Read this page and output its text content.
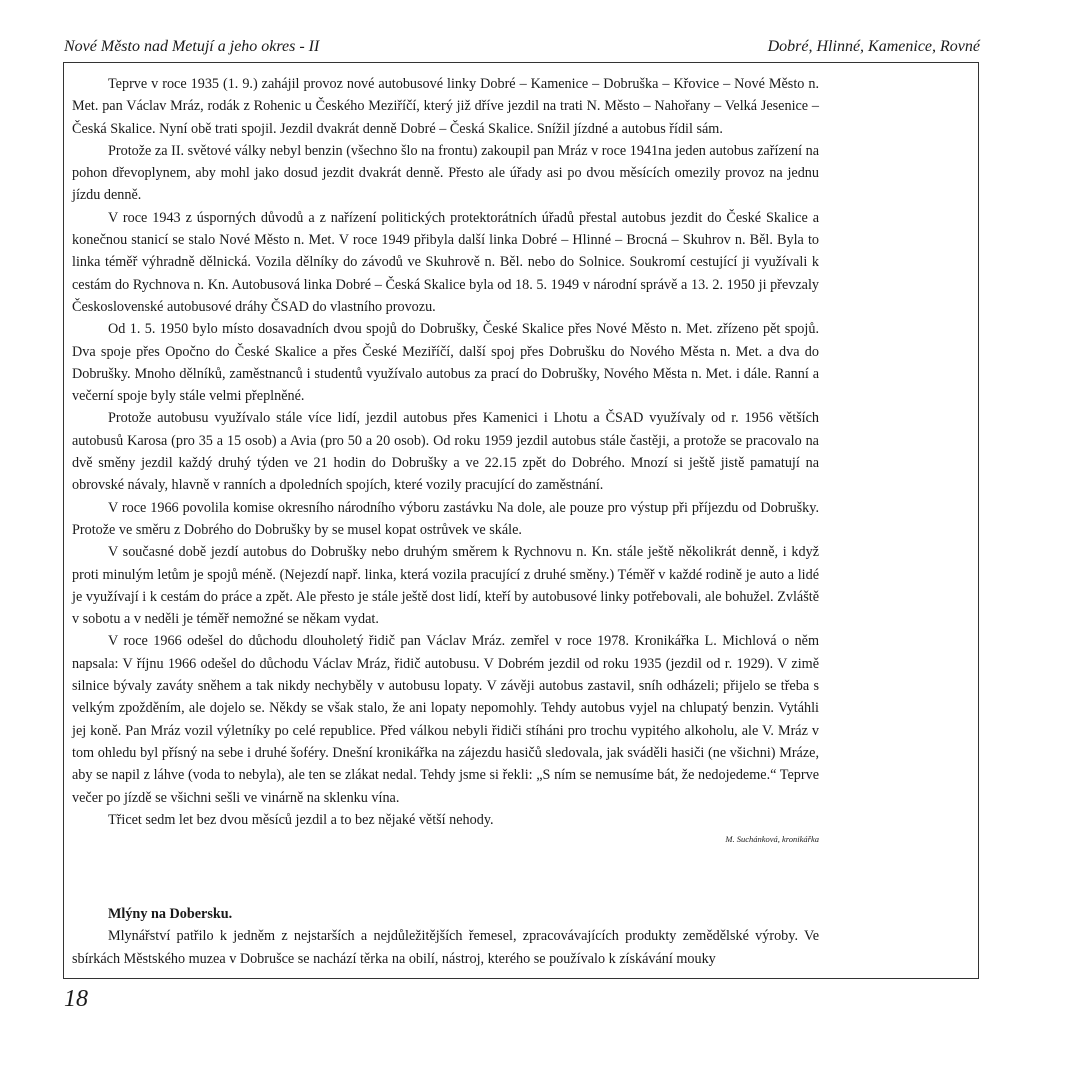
Nové Město nad Metují a jeho okres - II	Dobré, Hlinné, Kamenice, Rovné

Teprve v roce 1935 (1. 9.) zahájil provoz nové autobusové linky Dobré – Kamenice – Dobruška – Křovice – Nové Město n. Met. pan Václav Mráz, rodák z Rohenic u Českého Meziříčí, který již dříve jezdil na trati N. Město – Nahořany – Velká Jesenice – Česká Skalice. Nyní obě trati spojil. Jezdil dvakrát denně Dobré – Česká Skalice. Snížil jízdné a autobus řídil sám.

Protože za II. světové války nebyl benzin (všechno šlo na frontu) zakoupil pan Mráz v roce 1941na jeden autobus zařízení na pohon dřevoplynem, aby mohl jako dosud jezdit dvakrát denně. Přesto ale úřady asi po dvou měsících omezily provoz na jednu jízdu denně.

V roce 1943 z úsporných důvodů a z nařízení politických protektorátních úřadů přestal autobus jezdit do České Skalice a konečnou stanicí se stalo Nové Město n. Met. V roce 1949 přibyla další linka Dobré – Hlinné – Brocná – Skuhrov n. Běl. Byla to linka téměř výhradně dělnická. Vozila dělníky do závodů ve Skuhrově n. Běl. nebo do Solnice. Soukromí cestující ji využívali k cestám do Rychnova n. Kn. Autobusová linka Dobré – Česká Skalice byla od 18. 5. 1949 v národní správě a 13. 2. 1950 ji převzaly Československé autobusové dráhy ČSAD do vlastního provozu.

Od 1. 5. 1950 bylo místo dosavadních dvou spojů do Dobrušky, České Skalice přes Nové Město n. Met. zřízeno pět spojů. Dva spoje přes Opočno do České Skalice a přes České Meziříčí, další spoj přes Dobrušku do Nového Města n. Met. a dva do Dobrušky. Mnoho dělníků, zaměstnanců i studentů využívalo autobus za prací do Dobrušky, Nového Města n. Met. i dále. Ranní a večerní spoje byly stále velmi přeplněné.

Protože autobusu využívalo stále více lidí, jezdil autobus přes Kamenici i Lhotu a ČSAD využívaly od r. 1956 větších autobusů Karosa (pro 35 a 15 osob) a Avia (pro 50 a 20 osob). Od roku 1959 jezdil autobus stále častěji, a protože se pracovalo na dvě směny jezdil každý druhý týden ve 21 hodin do Dobrušky a ve 22.15 zpět do Dobrého. Mnozí si ještě jistě pamatují na obrovské návaly, hlavně v ranních a dpoledních spojích, které vozily pracující do zaměstnání.

V roce 1966 povolila komise okresního národního výboru zastávku Na dole, ale pouze pro výstup při příjezdu od Dobrušky. Protože ve směru z Dobrého do Dobrušky by se musel kopat ostrůvek ve skále.

V současné době jezdí autobus do Dobrušky nebo druhým směrem k Rychnovu n. Kn. stále ještě několikrát denně, i když proti minulým letům je spojů méně. (Nejezdí např. linka, která vozila pracující z druhé směny.) Téměř v každé rodině je auto a lidé je využívají i k cestám do práce a zpět. Ale přesto je stále ještě dost lidí, kteří by autobusové linky potřebovali, ale bohužel. Zvláště v sobotu a v neděli je téměř nemožné se někam vydat.

V roce 1966 odešel do důchodu dlouholetý řidič pan Václav Mráz. zemřel v roce 1978. Kronikářka L. Michlová o něm napsala: V říjnu 1966 odešel do důchodu Václav Mráz, řidič autobusu. V Dobrém jezdil od roku 1935 (jezdil od r. 1929). V zimě silnice bývaly zaváty sněhem a tak nikdy nechyběly v autobusu lopaty. V závěji autobus zastavil, sníh odházeli; přijelo se třeba s velkým zpožděním, ale dojelo se. Někdy se však stalo, že ani lopaty nepomohly. Tehdy autobus vyjel na chlupatý benzin. Vytáhli jej koně. Pan Mráz vozil výletníky po celé republice. Před válkou nebyli řidiči stíháni pro trochu vypitého alkoholu, ale V. Mráz v tom ohledu byl přísný na sebe i druhé šoféry. Dnešní kronikářka na zájezdu hasičů sledovala, jak sváděli hasiči (ne všichni) Mráze, aby se napil z láhve (voda to nebyla), ale ten se zlákat nedal. Tehdy jsme si řekli: „S ním se nemusíme bát, že nedojedeme.“ Teprve večer po jízdě se všichni sešli ve vinárně na sklenku vína.

Třicet sedm let bez dvou měsíců jezdil a to bez nějaké větší nehody.

M. Suchánková, kronikářka
Mlýny na Dobersku.

Mlynářství patřilo k jedněm z nejstarších a nejdůležitějších řemesel, zpracovávajících produkty zemědělské výroby. Ve sbírkách Městského muzea v Dobrušce se nachází těrka na obilí, nástroj, kterého se používalo k získávání mouky

18
